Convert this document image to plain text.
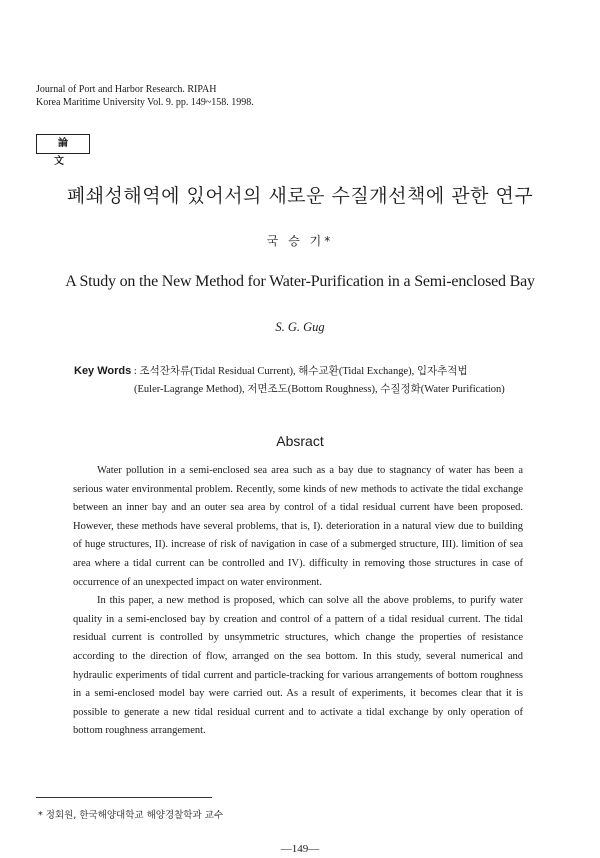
Journal of Port and Harbor Research. RIPAH
Korea Maritime University Vol. 9. pp. 149~158. 1998.
論 文
폐쇄성해역에 있어서의 새로운 수질개선책에 관한 연구
국 승 기*
A Study on the New Method for Water-Purification in a Semi-enclosed Bay
S. G. Gug
Key Words : 조석잔차류(Tidal Residual Current), 해수교환(Tidal Exchange), 입자추적법
(Euler-Lagrange Method), 저면조도(Bottom Roughness), 수질정화(Water Purification)
Absract

Water pollution in a semi-enclosed sea area such as a bay due to stagnancy of water has been a serious water environmental problem. Recently, some kinds of new methods to activate the tidal exchange between an inner bay and an outer sea area by control of a tidal residual current have been proposed. However, these methods have several problems, that is, I). deterioration in a natural view due to building of huge structures, II). increase of risk of navigation in case of a submerged structure, III). limition of sea area where a tidal current can be controlled and IV). difficulty in removing those structures in case of occurrence of an unexpected impact on water environment.

In this paper, a new method is proposed, which can solve all the above problems, to purify water quality in a semi-enclosed bay by creation and control of a pattern of a tidal residual current. The tidal residual current is controlled by unsymmetric structures, which change the properties of resistance according to the direction of flow, arranged on the sea bottom. In this study, several numerical and hydraulic experiments of tidal current and particle-tracking for various arrangements of bottom roughness in a semi-enclosed model bay were carried out. As a result of experiments, it becomes clear that it is possible to generate a new tidal residual current and to activate a tidal exchange by only operation of bottom roughness arrangement.

* 정회원, 한국해양대학교 해양경찰학과 교수
—149—
